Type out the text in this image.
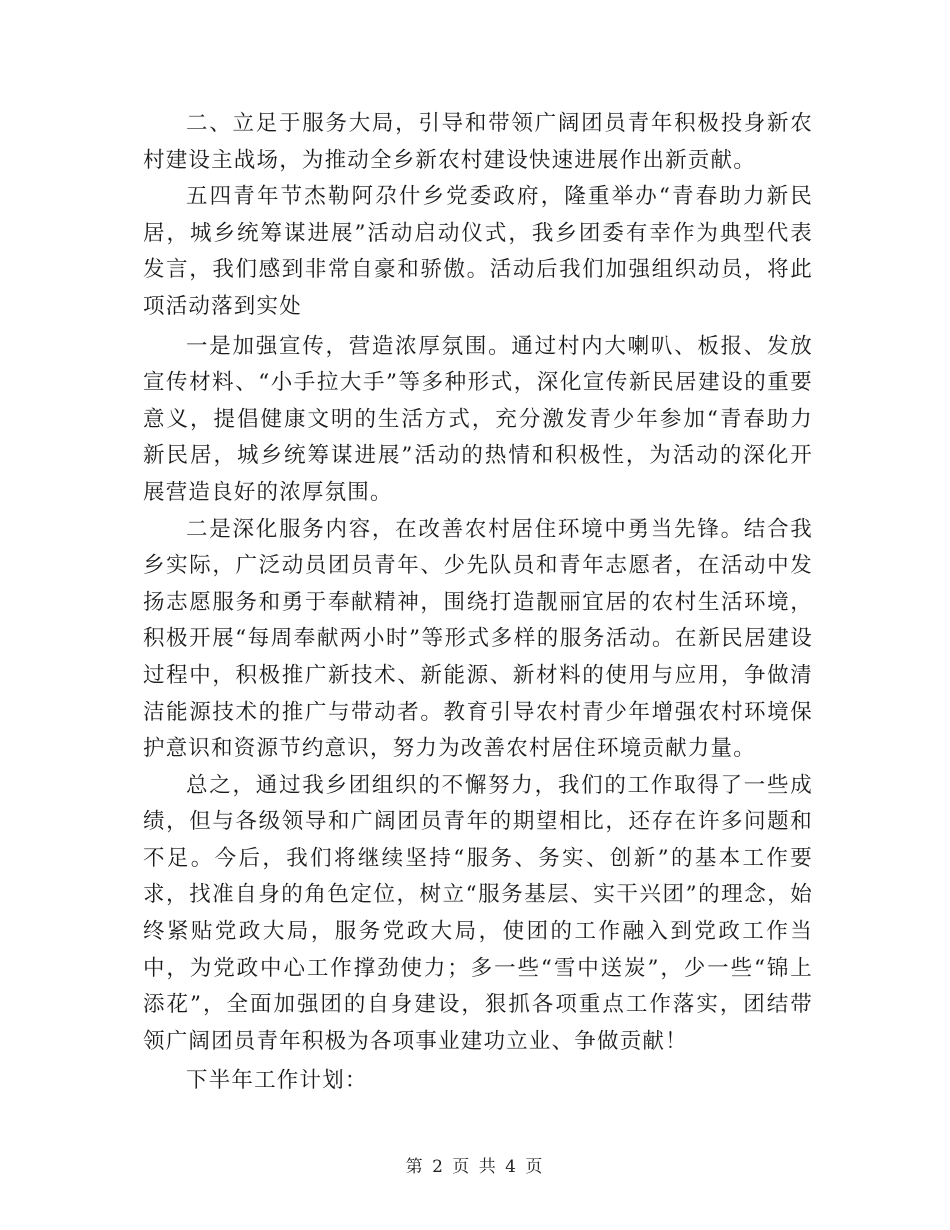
二、立足于服务大局，引导和带领广阔团员青年积极投身新农村建设主战场，为推动全乡新农村建设快速进展作出新贡献。

五四青年节杰勒阿尕什乡党委政府，隆重举办“青春助力新民居，城乡统筹谋进展”活动启动仪式，我乡团委有幸作为典型代表发言，我们感到非常自豪和骄傲。活动后我们加强组织动员，将此项活动落到实处

一是加强宣传，营造浓厚氛围。通过村内大喇叭、板报、发放宣传材料、“小手拉大手”等多种形式，深化宣传新民居建设的重要意义，提倡健康文明的生活方式，充分激发青少年参加“青春助力新民居，城乡统筹谋进展”活动的热情和积极性，为活动的深化开展营造良好的浓厚氛围。

二是深化服务内容，在改善农村居住环境中勇当先锋。结合我乡实际，广泛动员团员青年、少先队员和青年志愿者，在活动中发扬志愿服务和勇于奉献精神，围绕打造靓丽宜居的农村生活环境，积极开展“每周奉献两小时”等形式多样的服务活动。在新民居建设过程中，积极推广新技术、新能源、新材料的使用与应用，争做清洁能源技术的推广与带动者。教育引导农村青少年增强农村环境保护意识和资源节约意识，努力为改善农村居住环境贡献力量。

总之，通过我乡团组织的不懈努力，我们的工作取得了一些成绩，但与各级领导和广阔团员青年的期望相比，还存在许多问题和不足。今后，我们将继续坚持“服务、务实、创新”的基本工作要求，找准自身的角色定位，树立“服务基层、实干兴团”的理念，始终紧贴党政大局，服务党政大局，使团的工作融入到党政工作当中，为党政中心工作撑劲使力；多一些“雪中送炭”，少一些“锦上添花”，全面加强团的自身建设，狠抓各项重点工作落实，团结带领广阔团员青年积极为各项事业建功立业、争做贡献！

下半年工作计划：

第 2 页 共 4 页
